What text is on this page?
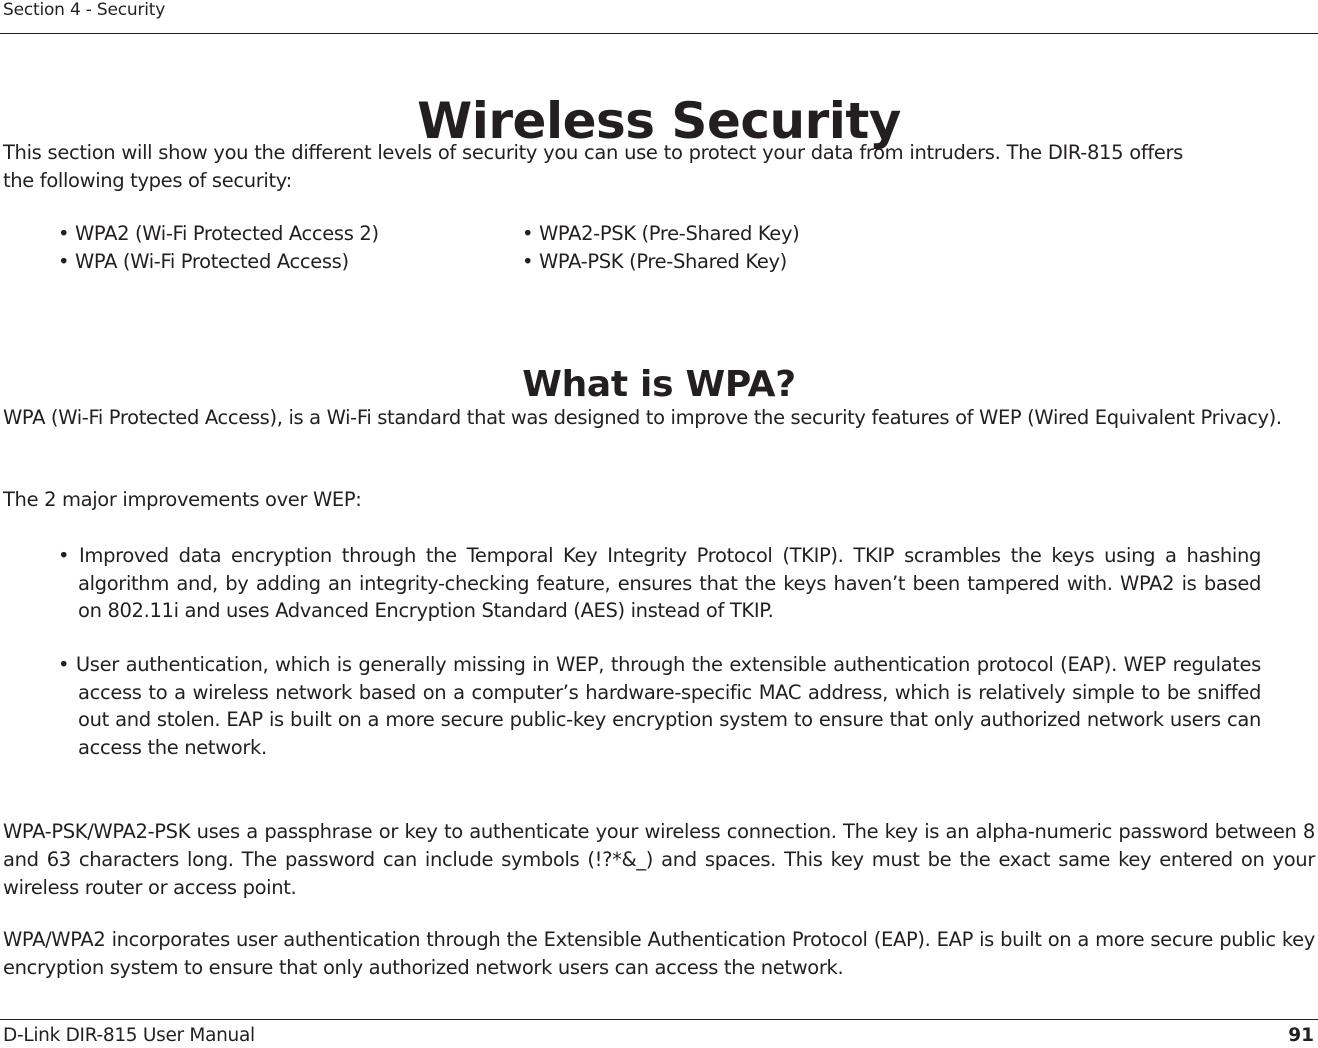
Section 4 - Security
Wireless Security

This section will show you the different levels of security you can use to protect your data from intruders. The DIR-815 offers the following types of security:

• WPA2 (Wi-Fi Protected Access 2)
• WPA (Wi-Fi Protected Access)
• WPA2-PSK (Pre-Shared Key)
• WPA-PSK (Pre-Shared Key)
What is WPA?

WPA (Wi-Fi Protected Access), is a Wi-Fi standard that was designed to improve the security features of WEP (Wired Equivalent Privacy).

The 2 major improvements over WEP:

• Improved data encryption through the Temporal Key Integrity Protocol (TKIP). TKIP scrambles the keys using a hashing algorithm and, by adding an integrity-checking feature, ensures that the keys haven’t been tampered with. WPA2 is based on 802.11i and uses Advanced Encryption Standard (AES) instead of TKIP.

• User authentication, which is generally missing in WEP, through the extensible authentication protocol (EAP). WEP regulates access to a wireless network based on a computer’s hardware-specific MAC address, which is relatively simple to be sniffed out and stolen. EAP is built on a more secure public-key encryption system to ensure that only authorized network users can access the network.

WPA-PSK/WPA2-PSK uses a passphrase or key to authenticate your wireless connection. The key is an alpha-numeric password between 8 and 63 characters long. The password can include symbols (!?*&_) and spaces. This key must be the exact same key entered on your wireless router or access point.

WPA/WPA2 incorporates user authentication through the Extensible Authentication Protocol (EAP). EAP is built on a more secure public key encryption system to ensure that only authorized network users can access the network.

D-Link DIR-815 User Manual	91
